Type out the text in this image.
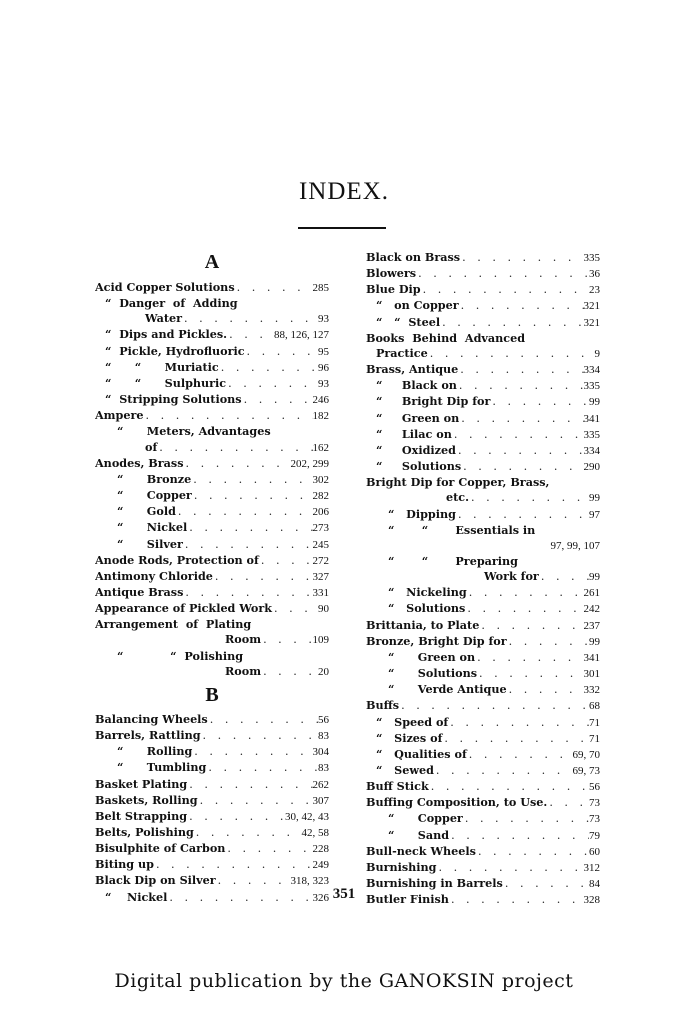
INDEX.
A
Acid Copper Solutions . . .	285
“  Danger  of  Adding
Water . . .	93
“  Dips and Pickles. . . .	88, 126, 127
“  Pickle, Hydrofluoric . . .	95
“      “      Muriatic . . .	96
“      “      Sulphuric . . .	93
“  Stripping Solutions . . .	246
Ampere . . .	182
“      Meters, Advantages
of . . .	162
Anodes, Brass . . .	202, 299
“      Bronze . . .	302
“      Copper . . .	282
“      Gold . . .	206
“      Nickel . . .	273
“      Silver . . .	245
Anode Rods, Protection of . . .	272
Antimony Chloride . . .	327
Antique Brass . . .	331
Appearance of Pickled Work . . .	90
Arrangement  of  Plating
Room . . .	109
“            “  Polishing
Room . . .	20
B
Balancing Wheels . . .	56
Barrels, Rattling . . .	83
“      Rolling . . .	304
“      Tumbling . . .	83
Basket Plating . . .	262
Baskets, Rolling . . .	307
Belt Strapping . . .	30, 42, 43
Belts, Polishing . . .	42, 58
Bisulphite of Carbon . . .	228
Biting up . . .	249
Black Dip on Silver . . .	318, 323
“    Nickel . . .	326
Black on Brass . . .	335
Blowers . . .	36
Blue Dip . . .	23
“   on Copper . . .	321
“   “  Steel . . .	321
Books  Behind  Advanced
Practice . . .	9
Brass, Antique . . .	334
“     Black on . . .	335
“     Bright Dip for . . .	99
“     Green on . . .	341
“     Lilac on . . .	335
“     Oxidized . . .	334
“     Solutions . . .	290
Bright Dip for Copper, Brass,
etc. . . .	99
“   Dipping . . .	97
“       “       Essentials in
97, 99, 107
“       “       Preparing
Work for . . .	99
“   Nickeling . . .	261
“   Solutions . . .	242
Brittania, to Plate . . .	237
Bronze, Bright Dip for . . .	99
“      Green on . . .	341
“      Solutions . . .	301
“      Verde Antique . . .	332
Buffs . . .	68
“   Speed of . . .	71
“   Sizes of . . .	71
“   Qualities of . . .	69, 70
“   Sewed . . .	69, 73
Buff Stick . . .	56
Buffing Composition, to Use. . . .	73
“      Copper . . .	73
“      Sand . . .	79
Bull-neck Wheels . . .	60
Burnishing . . .	312
Burnishing in Barrels . . .	84
Butler Finish . . .	328
351
Digital publication by the GANOKSIN project
